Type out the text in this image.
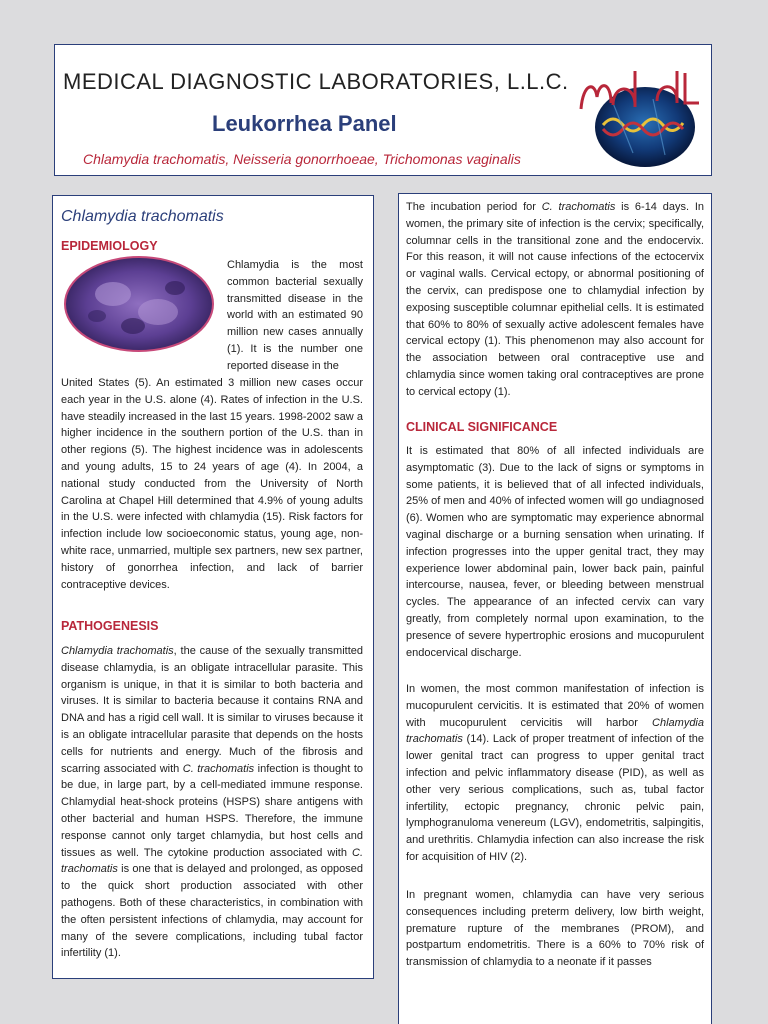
MEDICAL DIAGNOSTIC LABORATORIES, L.L.C.
Leukorrhea Panel
Chlamydia trachomatis, Neisseria gonorrhoeae, Trichomonas vaginalis
mdl
Chlamydia trachomatis
EPIDEMIOLOGY
Chlamydia is the most common bacterial sexually transmitted disease in the world with an estimated 90 million new cases annually (1). It is the number one reported disease in the
United States (5). An estimated 3 million new cases occur each year in the U.S. alone (4). Rates of infection in the U.S. have steadily increased in the last 15 years. 1998-2002 saw a higher incidence in the southern portion of the U.S. than in other regions (5). The highest incidence was in adolescents and young adults, 15 to 24 years of age (4). In 2004, a national study conducted from the University of North Carolina at Chapel Hill determined that 4.9% of young adults in the U.S. were infected with chlamydia (15). Risk factors for infection include low socioeconomic status, young age, non-white race, unmarried, multiple sex partners, new sex partner, history of gonorrhea infection, and lack of barrier contraceptive devices.
PATHOGENESIS
Chlamydia trachomatis, the cause of the sexually transmitted disease chlamydia, is an obligate intracellular parasite. This organism is unique, in that it is similar to both bacteria and viruses. It is similar to bacteria because it contains RNA and DNA and has a rigid cell wall. It is similar to viruses because it is an obligate intracellular parasite that depends on the hosts cells for nutrients and energy. Much of the fibrosis and scarring associated with C. trachomatis infection is thought to be due, in large part, by a cell-mediated immune response. Chlamydial heat-shock proteins (HSPS) share antigens with other bacterial and human HSPS. Therefore, the immune response cannot only target chlamydia, but host cells and tissues as well. The cytokine production associated with C. trachomatis is one that is delayed and prolonged, as opposed to the quick short production associated with other pathogens. Both of these characteristics, in combination with the often persistent infections of chlamydia, may account for many of the severe complications, including tubal factor infertility (1).
The incubation period for C. trachomatis is 6-14 days. In women, the primary site of infection is the cervix; specifically, columnar cells in the transitional zone and the endocervix. For this reason, it will not cause infections of the ectocervix or vaginal walls. Cervical ectopy, or abnormal positioning of the cervix, can predispose one to chlamydial infection by exposing susceptible columnar epithelial cells. It is estimated that 60% to 80% of sexually active adolescent females have cervical ectopy (1). This phenomenon may also account for the association between oral contraceptive use and chlamydia since women taking oral contraceptives are prone to cervical ectopy (1).
CLINICAL SIGNIFICANCE
It is estimated that 80% of all infected individuals are asymptomatic (3). Due to the lack of signs or symptoms in some patients, it is believed that of all infected individuals, 25% of men and 40% of infected women will go undiagnosed (6). Women who are symptomatic may experience abnormal vaginal discharge or a burning sensation when urinating. If infection progresses into the upper genital tract, they may experience lower abdominal pain, lower back pain, painful intercourse, nausea, fever, or bleeding between menstrual cycles. The appearance of an infected cervix can vary greatly, from completely normal upon examination, to the presence of severe hypertrophic erosions and mucopurulent endocervical discharge.
In women, the most common manifestation of infection is mucopurulent cervicitis. It is estimated that 20% of women with mucopurulent cervicitis will harbor Chlamydia trachomatis (14). Lack of proper treatment of infection of the lower genital tract can progress to upper genital tract infection and pelvic inflammatory disease (PID), as well as other very serious complications, such as, tubal factor infertility, ectopic pregnancy, chronic pelvic pain, lymphogranuloma venereum (LGV), endometritis, salpingitis, and urethritis. Chlamydia infection can also increase the risk for acquisition of HIV (2).
In pregnant women, chlamydia can have very serious consequences including preterm delivery, low birth weight, premature rupture of the membranes (PROM), and postpartum endometritis. There is a 60% to 70% risk of transmission of chlamydia to a neonate if it passes
